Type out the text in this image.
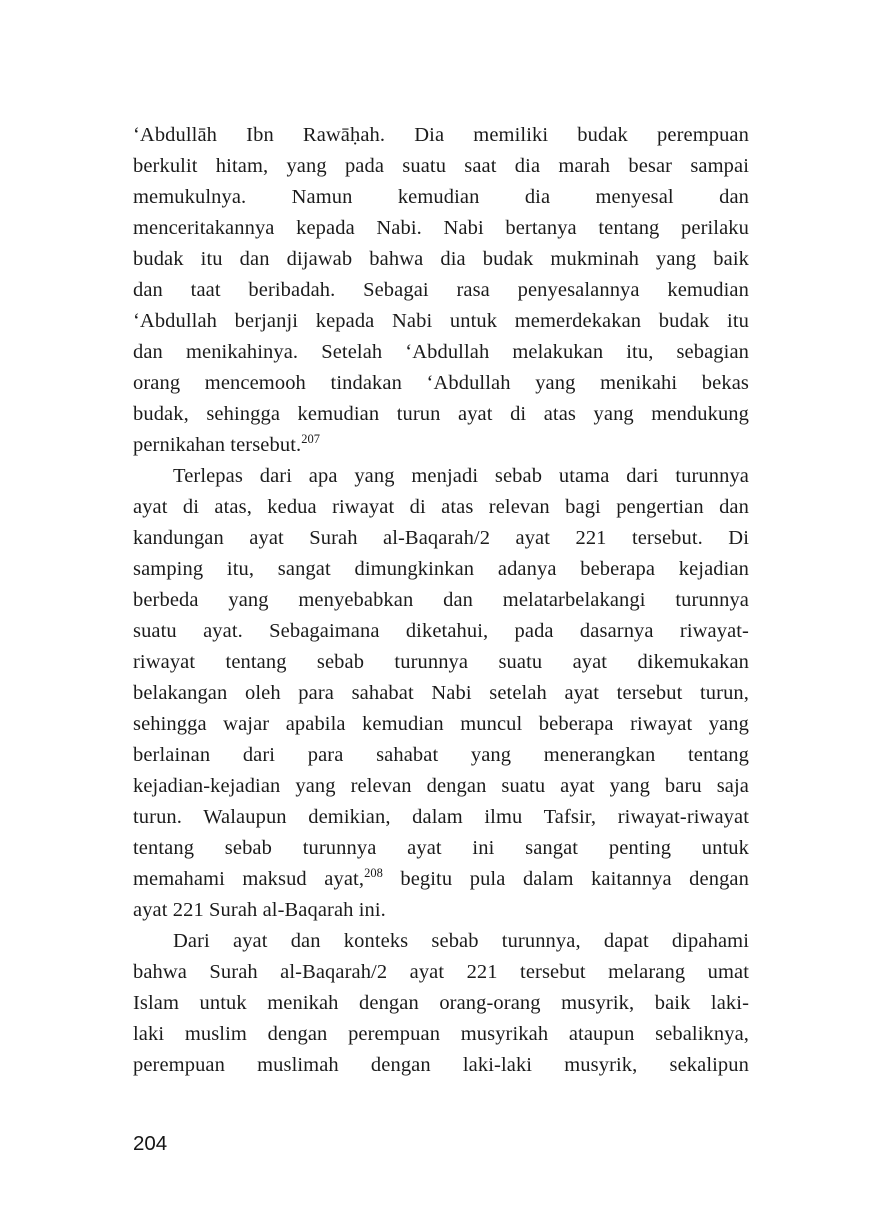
‘Abdullāh Ibn Rawāḥah. Dia memiliki budak perempuan
berkulit hitam, yang pada suatu saat dia marah besar sampai
memukulnya. Namun kemudian dia menyesal dan
menceritakannya kepada Nabi. Nabi bertanya tentang perilaku
budak itu dan dijawab bahwa dia budak mukminah yang baik
dan taat beribadah. Sebagai rasa penyesalannya kemudian
‘Abdullah berjanji kepada Nabi untuk memerdekakan budak itu
dan menikahinya. Setelah ‘Abdullah melakukan itu, sebagian
orang mencemooh tindakan ‘Abdullah yang menikahi bekas
budak, sehingga kemudian turun ayat di atas yang mendukung
pernikahan tersebut.$^{207}$
Terlepas dari apa yang menjadi sebab utama dari turunnya
ayat di atas, kedua riwayat di atas relevan bagi pengertian dan
kandungan ayat Surah al-Baqarah/2 ayat 221 tersebut. Di
samping itu, sangat dimungkinkan adanya beberapa kejadian
berbeda yang menyebabkan dan melatarbelakangi turunnya
suatu ayat. Sebagaimana diketahui, pada dasarnya riwayat-
riwayat tentang sebab turunnya suatu ayat dikemukakan
belakangan oleh para sahabat Nabi setelah ayat tersebut turun,
sehingga wajar apabila kemudian muncul beberapa riwayat yang
berlainan dari para sahabat yang menerangkan tentang
kejadian-kejadian yang relevan dengan suatu ayat yang baru saja
turun. Walaupun demikian, dalam ilmu Tafsir, riwayat-riwayat
tentang sebab turunnya ayat ini sangat penting untuk
memahami maksud ayat,$^{208}$ begitu pula dalam kaitannya dengan
ayat 221 Surah al-Baqarah ini.
Dari ayat dan konteks sebab turunnya, dapat dipahami
bahwa Surah al-Baqarah/2 ayat 221 tersebut melarang umat
Islam untuk menikah dengan orang-orang musyrik, baik laki-
laki muslim dengan perempuan musyrikah ataupun sebaliknya,
perempuan muslimah dengan laki-laki musyrik, sekalipun
204
